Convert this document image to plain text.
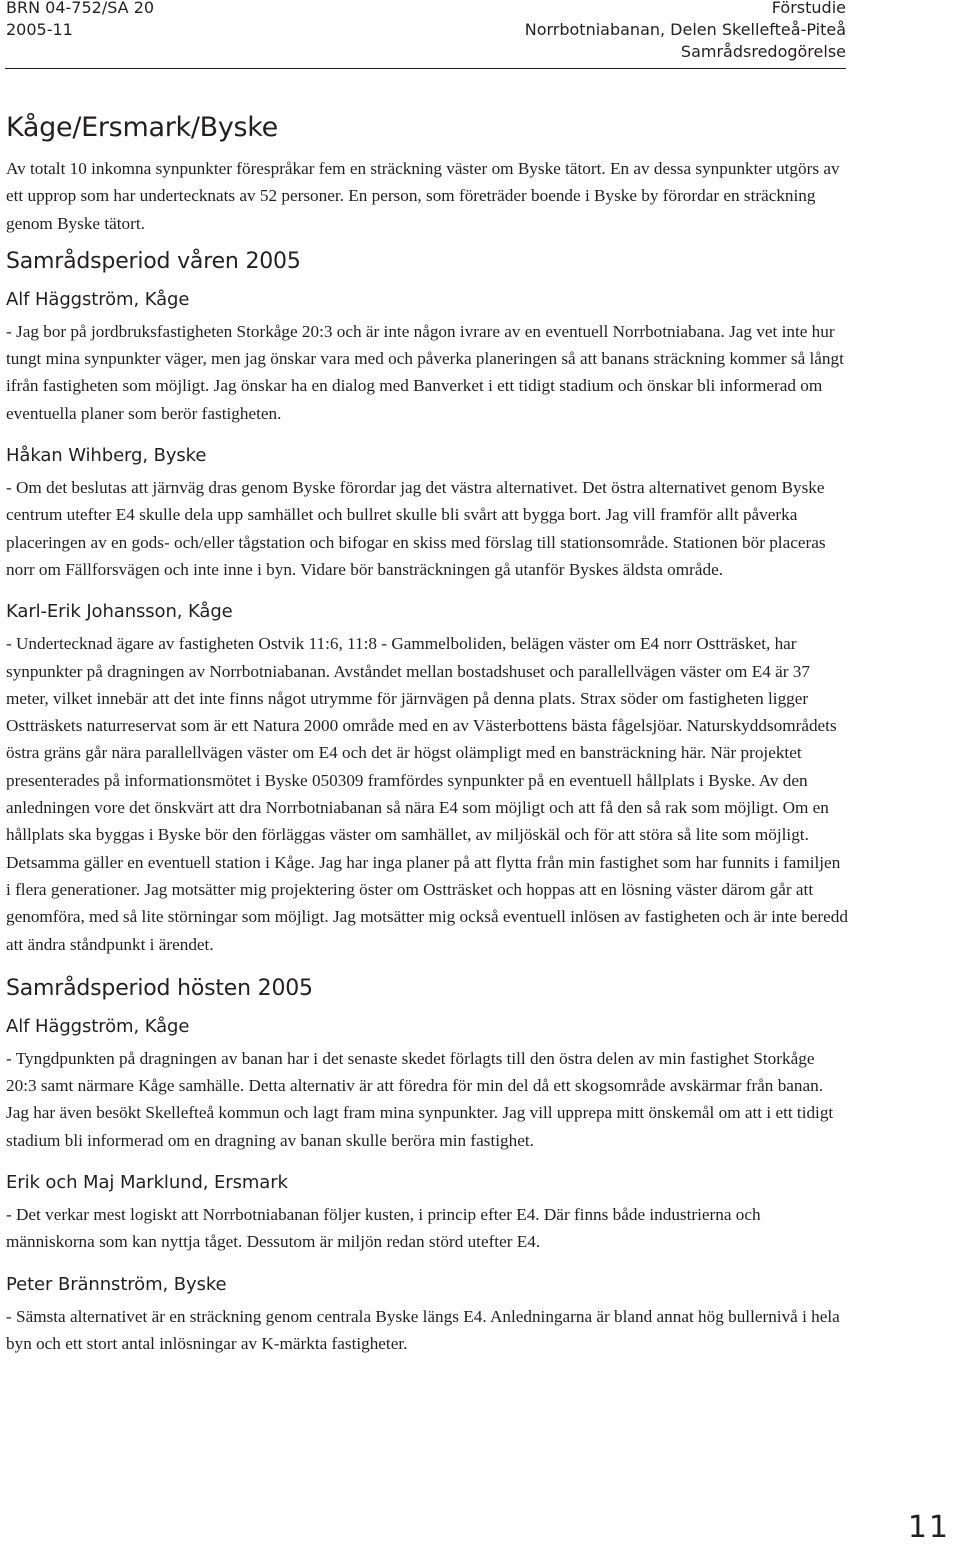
BRN 04-752/SA 20
2005-11
Förstudie
Norrbotniabanan, Delen Skellefteå-Piteå
Samrådsredogörelse
Kåge/Ersmark/Byske

Av totalt 10 inkomna synpunkter förespråkar fem en sträckning väster om Byske tätort. En av dessa synpunkter utgörs av ett upprop som har undertecknats av 52 personer. En person, som företräder boende i Byske by förordar en sträckning genom Byske tätort.

Samrådsperiod våren 2005
Alf Häggström, Kåge

- Jag bor på jordbruksfastigheten Storkåge 20:3 och är inte någon ivrare av en eventuell Norrbotniabana. Jag vet inte hur tungt mina synpunkter väger, men jag önskar vara med och påverka planeringen så att banans sträckning kommer så långt ifrån fastigheten som möjligt. Jag önskar ha en dialog med Banverket i ett tidigt stadium och önskar bli informerad om eventuella planer som berör fastigheten.

Håkan Wihberg, Byske

- Om det beslutas att järnväg dras genom Byske förordar jag det västra alternativet. Det östra alternativet genom Byske centrum utefter E4 skulle dela upp samhället och bullret skulle bli svårt att bygga bort. Jag vill framför allt påverka placeringen av en gods- och/eller tågstation och bifogar en skiss med förslag till stationsområde. Stationen bör placeras norr om Fällforsvägen och inte inne i byn. Vidare bör bansträckningen gå utanför Byskes äldsta område.

Karl-Erik Johansson, Kåge

- Undertecknad ägare av fastigheten Ostvik 11:6, 11:8 - Gammelboliden, belägen väster om E4 norr Ostträsket, har synpunkter på dragningen av Norrbotniabanan. Avståndet mellan bostadshuset och parallellvägen väster om E4 är 37 meter, vilket innebär att det inte finns något utrymme för järnvägen på denna plats. Strax söder om fastigheten ligger Ostträskets naturreservat som är ett Natura 2000 område med en av Västerbottens bästa fågelsjöar. Naturskyddsområdets östra gräns går nära parallellvägen väster om E4 och det är högst olämpligt med en bansträckning här. När projektet presenterades på informationsmötet i Byske 050309 framfördes synpunkter på en eventuell hållplats i Byske. Av den anledningen vore det önskvärt att dra Norrbotniabanan så nära E4 som möjligt och att få den så rak som möjligt. Om en hållplats ska byggas i Byske bör den förläggas väster om samhället, av miljöskäl och för att störa så lite som möjligt. Detsamma gäller en eventuell station i Kåge. Jag har inga planer på att flytta från min fastighet som har funnits i familjen i flera generationer. Jag motsätter mig projektering öster om Ostträsket och hoppas att en lösning väster därom går att genomföra, med så lite störningar som möjligt. Jag motsätter mig också eventuell inlösen av fastigheten och är inte beredd att ändra ståndpunkt i ärendet.

Samrådsperiod hösten 2005
Alf Häggström, Kåge

- Tyngdpunkten på dragningen av banan har i det senaste skedet förlagts till den östra delen av min fastighet Storkåge 20:3 samt närmare Kåge samhälle. Detta alternativ är att föredra för min del då ett skogsområde avskärmar från banan. Jag har även besökt Skellefteå kommun och lagt fram mina synpunkter. Jag vill upprepa mitt önskemål om att i ett tidigt stadium bli informerad om en dragning av banan skulle beröra min fastighet.

Erik och Maj Marklund, Ersmark

- Det verkar mest logiskt att Norrbotniabanan följer kusten, i princip efter E4. Där finns både industrierna och människorna som kan nyttja tåget. Dessutom är miljön redan störd utefter E4.

Peter Brännström, Byske

- Sämsta alternativet är en sträckning genom centrala Byske längs E4. Anledningarna är bland annat hög bullernivå i hela byn och ett stort antal inlösningar av K-märkta fastigheter.

11
